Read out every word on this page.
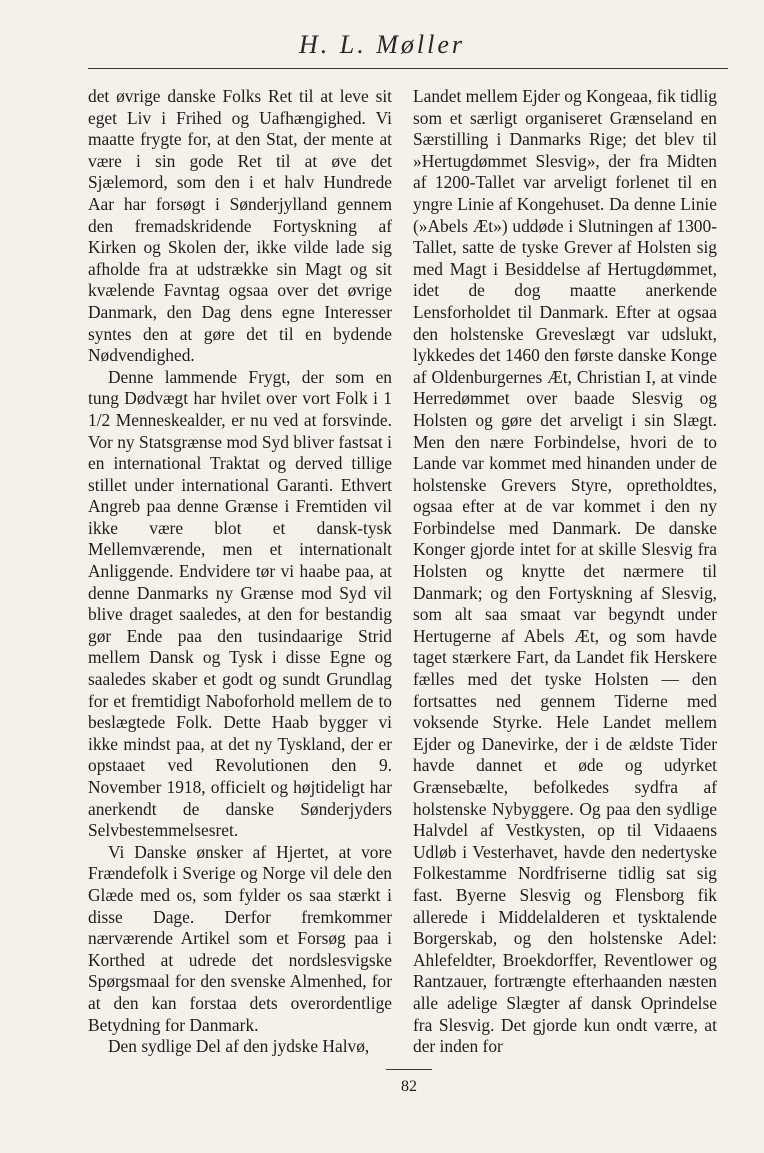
H. L. Møller

det øvrige danske Folks Ret til at leve sit eget Liv i Frihed og Uafhængighed. Vi maatte frygte for, at den Stat, der mente at være i sin gode Ret til at øve det Sjælemord, som den i et halv Hundrede Aar har forsøgt i Sønderjylland gennem den fremadskridende Fortyskning af Kirken og Skolen der, ikke vilde lade sig afholde fra at udstrække sin Magt og sit kvælende Favntag ogsaa over det øvrige Danmark, den Dag dens egne Interesser syntes den at gøre det til en bydende Nødvendighed.

Denne lammende Frygt, der som en tung Dødvægt har hvilet over vort Folk i 1 1/2 Menneskealder, er nu ved at forsvinde. Vor ny Statsgrænse mod Syd bliver fastsat i en international Traktat og derved tillige stillet under international Garanti. Ethvert Angreb paa denne Grænse i Fremtiden vil ikke være blot et dansk-tysk Mellemværende, men et internationalt Anliggende. Endvidere tør vi haabe paa, at denne Danmarks ny Grænse mod Syd vil blive draget saaledes, at den for bestandig gør Ende paa den tusindaarige Strid mellem Dansk og Tysk i disse Egne og saaledes skaber et godt og sundt Grundlag for et fremtidigt Naboforhold mellem de to beslægtede Folk. Dette Haab bygger vi ikke mindst paa, at det ny Tyskland, der er opstaaet ved Revolutionen den 9. November 1918, officielt og højtideligt har anerkendt de danske Sønderjyders Selvbestemmelsesret.

Vi Danske ønsker af Hjertet, at vore Frændefolk i Sverige og Norge vil dele den Glæde med os, som fylder os saa stærkt i disse Dage. Derfor fremkommer nærværende Artikel som et Forsøg paa i Korthed at udrede det nordslesvigske Spørgsmaal for den svenske Almenhed, for at den kan forstaa dets overordentlige Betydning for Danmark.

Den sydlige Del af den jydske Halvø,

Landet mellem Ejder og Kongeaa, fik tidlig som et særligt organiseret Grænseland en Særstilling i Danmarks Rige; det blev til »Hertugdømmet Slesvig», der fra Midten af 1200-Tallet var arveligt forlenet til en yngre Linie af Kongehuset. Da denne Linie (»Abels Æt») uddøde i Slutningen af 1300-Tallet, satte de tyske Grever af Holsten sig med Magt i Besiddelse af Hertugdømmet, idet de dog maatte anerkende Lensforholdet til Danmark. Efter at ogsaa den holstenske Greveslægt var udslukt, lykkedes det 1460 den første danske Konge af Oldenburgernes Æt, Christian I, at vinde Herredømmet over baade Slesvig og Holsten og gøre det arveligt i sin Slægt. Men den nære Forbindelse, hvori de to Lande var kommet med hinanden under de holstenske Grevers Styre, opretholdtes, ogsaa efter at de var kommet i den ny Forbindelse med Danmark. De danske Konger gjorde intet for at skille Slesvig fra Holsten og knytte det nærmere til Danmark; og den Fortyskning af Slesvig, som alt saa smaat var begyndt under Hertugerne af Abels Æt, og som havde taget stærkere Fart, da Landet fik Herskere fælles med det tyske Holsten — den fortsattes ned gennem Tiderne med voksende Styrke. Hele Landet mellem Ejder og Danevirke, der i de ældste Tider havde dannet et øde og udyrket Grænsebælte, befolkedes sydfra af holstenske Nybyggere. Og paa den sydlige Halvdel af Vestkysten, op til Vidaaens Udløb i Vesterhavet, havde den nedertyske Folkestamme Nordfriserne tidlig sat sig fast. Byerne Slesvig og Flensborg fik allerede i Middelalderen et tysktalende Borgerskab, og den holstenske Adel: Ahlefeldter, Broekdorffer, Reventlower og Rantzauer, fortrængte efterhaanden næsten alle adelige Slægter af dansk Oprindelse fra Slesvig. Det gjorde kun ondt værre, at der inden for

82
